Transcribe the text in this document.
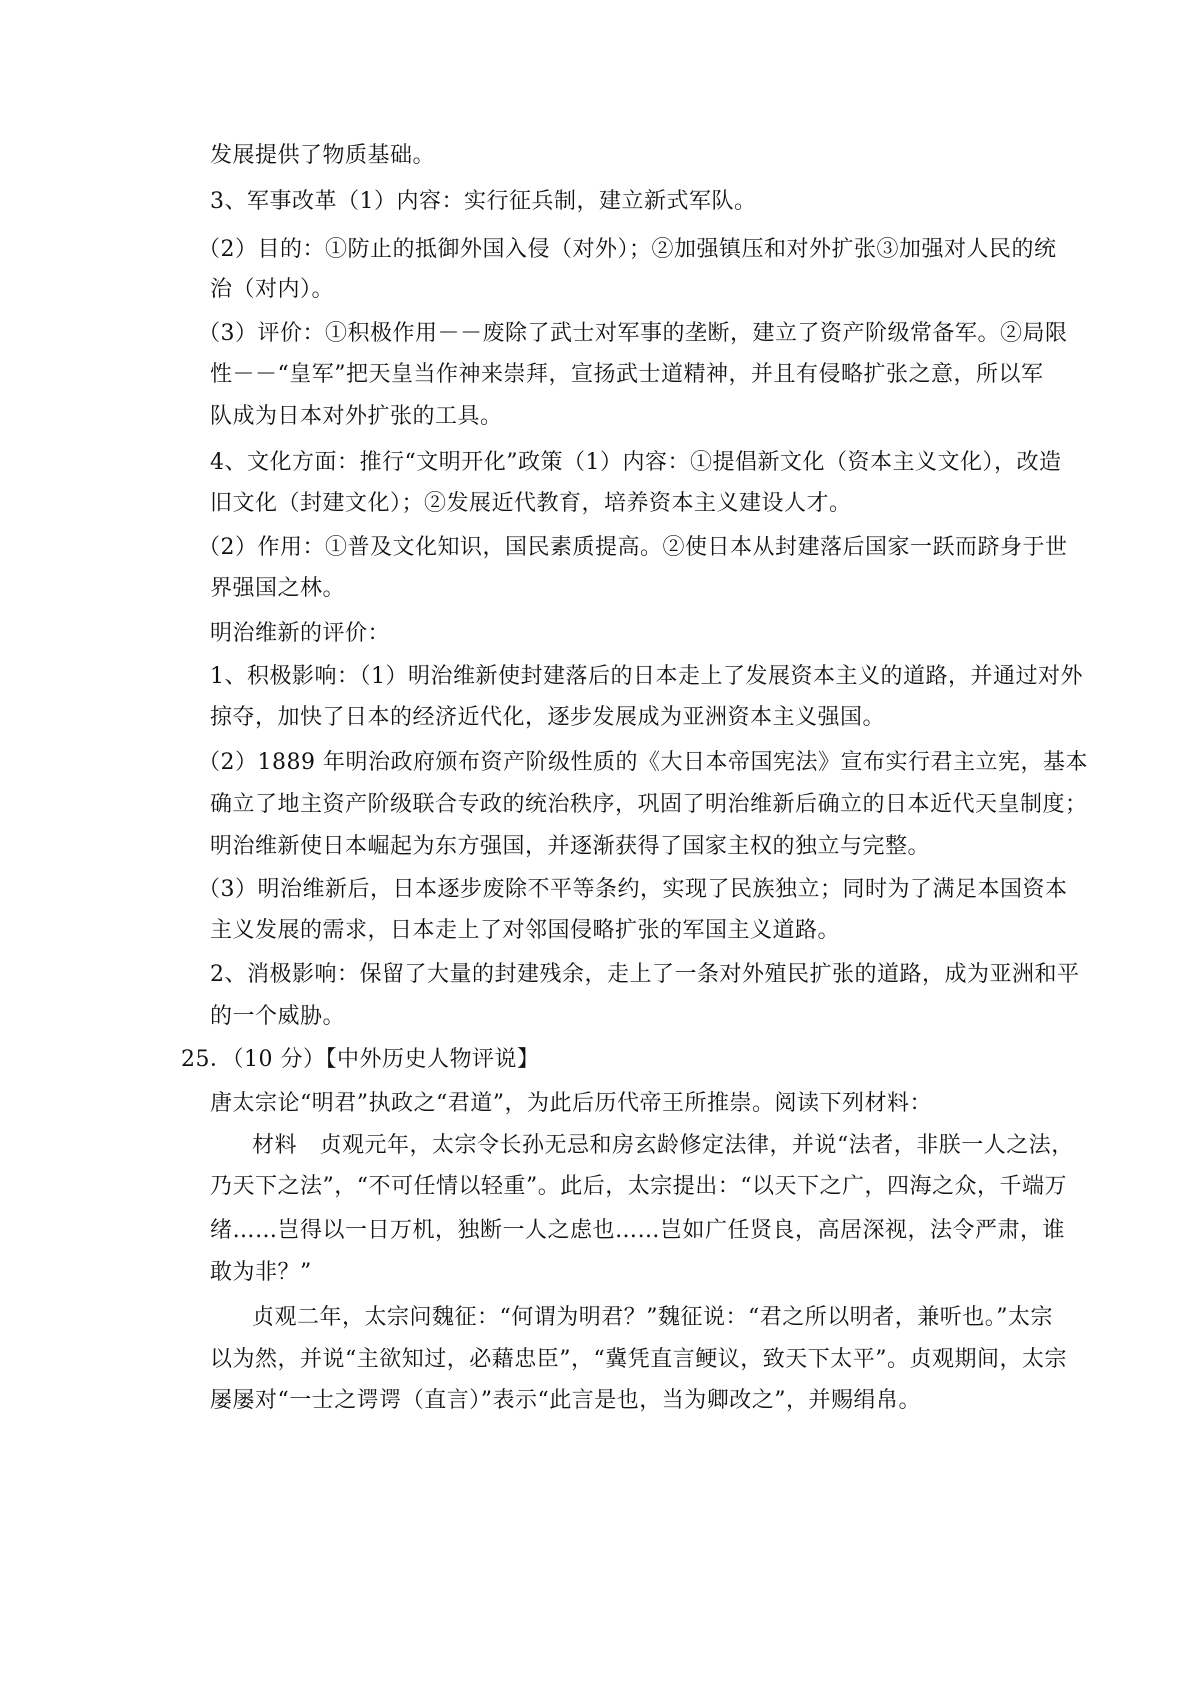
发展提供了物质基础。
3、军事改革（1）内容：实行征兵制，建立新式军队。
（2）目的：①防止的抵御外国入侵（对外）；②加强镇压和对外扩张③加强对人民的统
治（对内）。
（3）评价：①积极作用－－废除了武士对军事的垄断，建立了资产阶级常备军。②局限
性－－“皇军”把天皇当作神来崇拜，宣扬武士道精神，并且有侵略扩张之意，所以军
队成为日本对外扩张的工具。
4、文化方面：推行“文明开化”政策（1）内容：①提倡新文化（资本主义文化），改造
旧文化（封建文化）；②发展近代教育，培养资本主义建设人才。
（2）作用：①普及文化知识，国民素质提高。②使日本从封建落后国家一跃而跻身于世
界强国之林。
明治维新的评价：
1、积极影响：（1）明治维新使封建落后的日本走上了发展资本主义的道路，并通过对外
掠夺，加快了日本的经济近代化，逐步发展成为亚洲资本主义强国。
（2）1889 年明治政府颁布资产阶级性质的《大日本帝国宪法》宣布实行君主立宪，基本
确立了地主资产阶级联合专政的统治秩序，巩固了明治维新后确立的日本近代天皇制度；
明治维新使日本崛起为东方强国，并逐渐获得了国家主权的独立与完整。
（3）明治维新后，日本逐步废除不平等条约，实现了民族独立；同时为了满足本国资本
主义发展的需求，日本走上了对邻国侵略扩张的军国主义道路。
2、消极影响：保留了大量的封建残余，走上了一条对外殖民扩张的道路，成为亚洲和平
的一个威胁。
25．（10 分）【中外历史人物评说】
唐太宗论“明君”执政之“君道”，为此后历代帝王所推崇。阅读下列材料：
材料　贞观元年，太宗令长孙无忌和房玄龄修定法律，并说“法者，非朕一人之法，
乃天下之法”，“不可任情以轻重”。此后，太宗提出：“以天下之广，四海之众，千端万
绪……岂得以一日万机，独断一人之虑也……岂如广任贤良，高居深视，法令严肃，谁
敢为非？”
贞观二年，太宗问魏征：“何谓为明君？”魏征说：“君之所以明者，兼听也。”太宗
以为然，并说“主欲知过，必藉忠臣”，“冀凭直言鲠议，致天下太平”。贞观期间，太宗
屡屡对“一士之谔谔（直言）”表示“此言是也，当为卿改之”，并赐绢帛。
